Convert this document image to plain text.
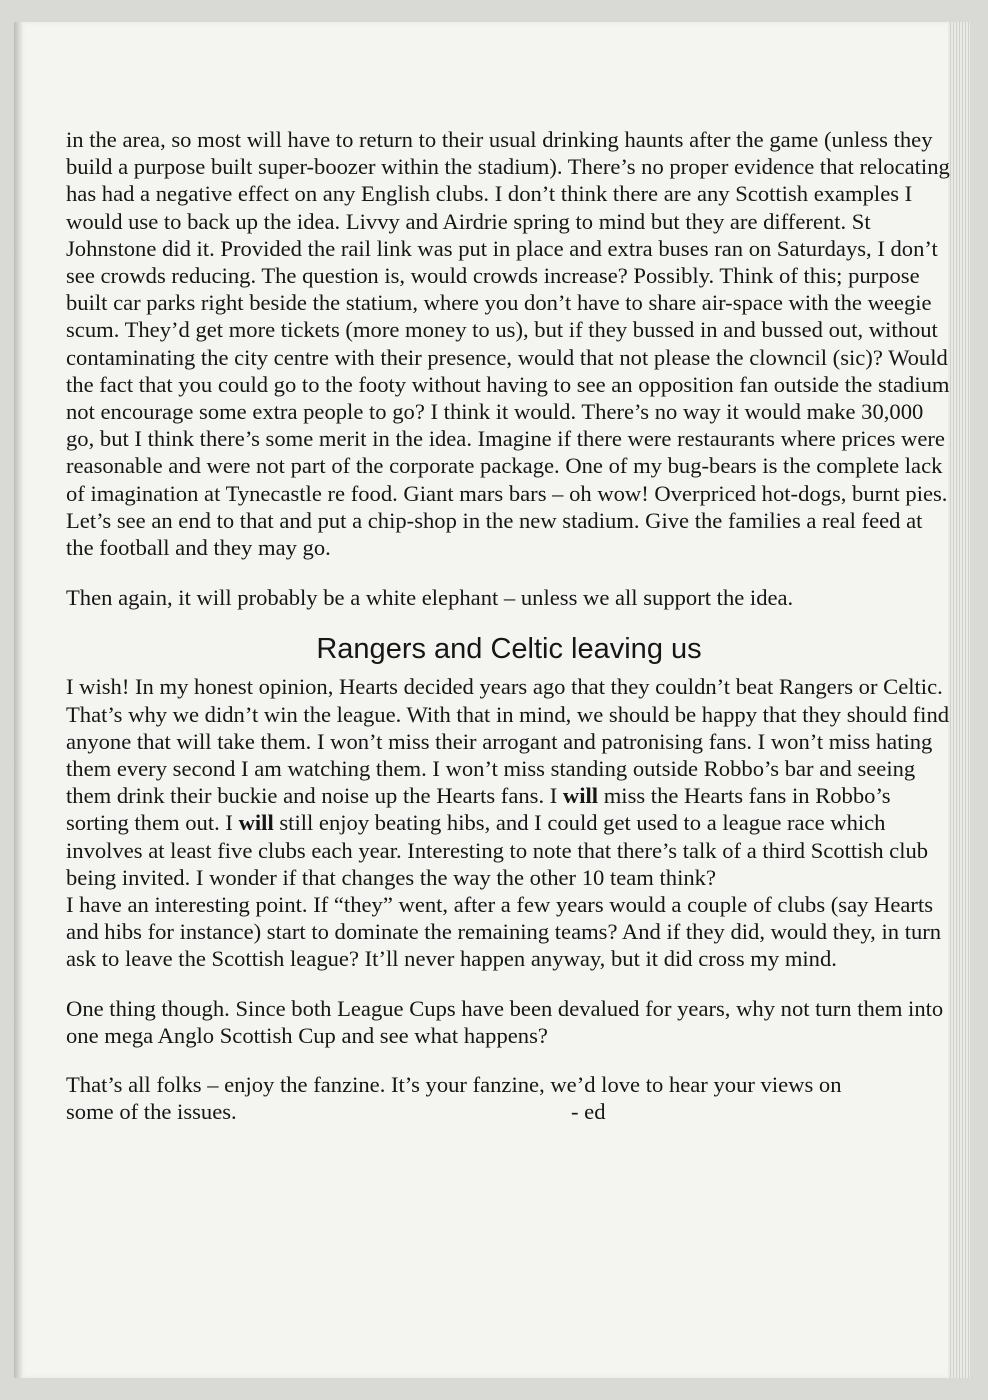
in the area, so most will have to return to their usual drinking haunts after the game (unless they build a purpose built super-boozer within the stadium). There’s no proper evidence that relocating has had a negative effect on any English clubs. I don’t think there are any Scottish examples I would use to back up the idea. Livvy and Airdrie spring to mind but they are different. St Johnstone did it. Provided the rail link was put in place and extra buses ran on Saturdays, I don’t see crowds reducing. The question is, would crowds increase? Possibly. Think of this; purpose built car parks right beside the statium, where you don’t have to share air-space with the weegie scum. They’d get more tickets (more money to us), but if they bussed in and bussed out, without contaminating the city centre with their presence, would that not please the clowncil (sic)? Would the fact that you could go to the footy without having to see an opposition fan outside the stadium not encourage some extra people to go? I think it would. There’s no way it would make 30,000 go, but I think there’s some merit in the idea. Imagine if there were restaurants where prices were reasonable and were not part of the corporate package. One of my bug-bears is the complete lack of imagination at Tynecastle re food. Giant mars bars – oh wow! Overpriced hot-dogs, burnt pies. Let’s see an end to that and put a chip-shop in the new stadium. Give the families a real feed at the football and they may go.

Then again, it will probably be a white elephant – unless we all support the idea.

Rangers and Celtic leaving us

I wish! In my honest opinion, Hearts decided years ago that they couldn’t beat Rangers or Celtic. That’s why we didn’t win the league. With that in mind, we should be happy that they should find anyone that will take them. I won’t miss their arrogant and patronising fans. I won’t miss hating them every second I am watching them. I won’t miss standing outside Robbo’s bar and seeing them drink their buckie and noise up the Hearts fans. I will miss the Hearts fans in Robbo’s sorting them out. I will still enjoy beating hibs, and I could get used to a league race which involves at least five clubs each year. Interesting to note that there’s talk of a third Scottish club being invited. I wonder if that changes the way the other 10 team think?

I have an interesting point. If “they” went, after a few years would a couple of clubs (say Hearts and hibs for instance) start to dominate the remaining teams? And if they did, would they, in turn ask to leave the Scottish league? It’ll never happen anyway, but it did cross my mind.

One thing though. Since both League Cups have been devalued for years, why not turn them into one mega Anglo Scottish Cup and see what happens?

That’s all folks – enjoy the fanzine. It’s your fanzine, we’d love to hear your views on

some of the issues.	- ed
